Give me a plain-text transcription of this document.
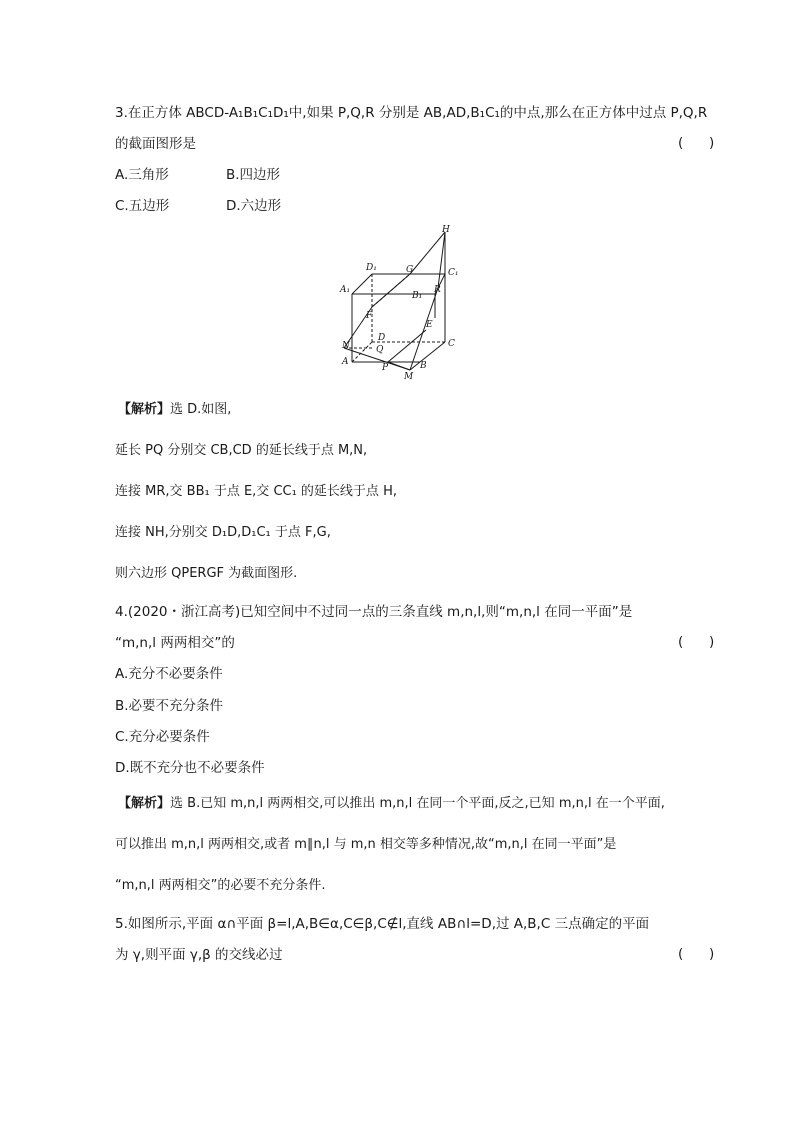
3.在正方体 ABCD-A₁B₁C₁D₁中,如果 P,Q,R 分别是 AB,AD,B₁C₁的中点,那么在正方体中过点 P,Q,R
的截面图形是	(      )
A.三角形	B.四边形
C.五边形	D.六边形
H
D₁	G	C₁
A₁
B₁
R
E
F
D
N	Q
C
A
P	B
M
【解析】选 D.如图,
延长 PQ 分别交 CB,CD 的延长线于点 M,N,
连接 MR,交 BB₁ 于点 E,交 CC₁ 的延长线于点 H,
连接 NH,分别交 D₁D,D₁C₁ 于点 F,G,
则六边形 QPERGF 为截面图形.
4.(2020・浙江高考)已知空间中不过同一点的三条直线 m,n,l,则“m,n,l 在同一平面”是
“m,n,l 两两相交”的	(      )
A.充分不必要条件
B.必要不充分条件
C.充分必要条件
D.既不充分也不必要条件
【解析】选 B.已知 m,n,l 两两相交,可以推出 m,n,l 在同一个平面,反之,已知 m,n,l 在一个平面,
可以推出 m,n,l 两两相交,或者 m∥n,l 与 m,n 相交等多种情况,故“m,n,l 在同一平面”是
“m,n,l 两两相交”的必要不充分条件.
5.如图所示,平面 α∩平面 β=l,A,B∈α,C∈β,C∉l,直线 AB∩l=D,过 A,B,C 三点确定的平面
为 γ,则平面 γ,β 的交线必过	(      )
